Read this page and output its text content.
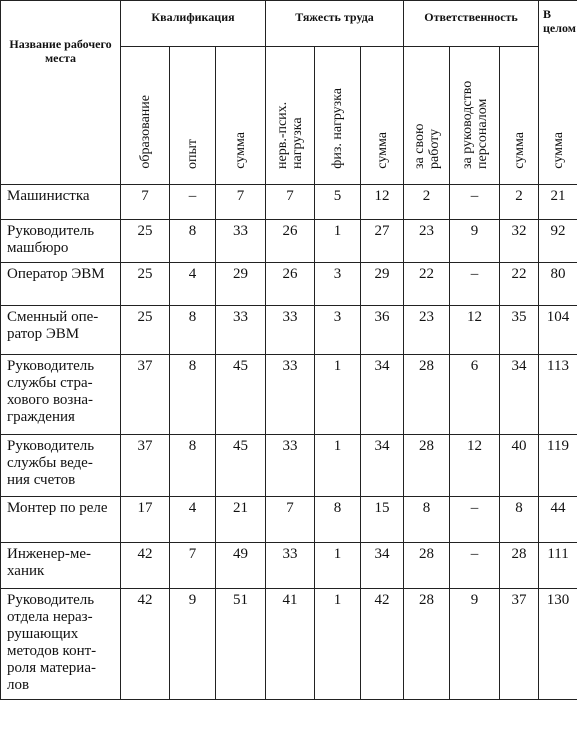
Название рабочего места	Квалификация			Тяжесть труда			Ответственность			В целом
	образование	опыт	сумма	нерв.-псих. нагрузка	физ. нагрузка	сумма	за свою работу	за руководство персоналом	сумма	сумма
Машинистка	7	–	7	7	5	12	2	–	2	21
Руководитель машбюро	25	8	33	26	1	27	23	9	32	92
Оператор ЭВМ	25	4	29	26	3	29	22	–	22	80
Сменный опе- ратор ЭВМ	25	8	33	33	3	36	23	12	35	104
Руководитель службы стра- хового возна- граждения	37	8	45	33	1	34	28	6	34	113
Руководитель службы веде- ния счетов	37	8	45	33	1	34	28	12	40	119
Монтер по реле	17	4	21	7	8	15	8	–	8	44
Инженер-ме- ханик	42	7	49	33	1	34	28	–	28	111
Руководитель отдела нераз- рушающих методов конт- роля материа- лов	42	9	51	41	1	42	28	9	37	130
